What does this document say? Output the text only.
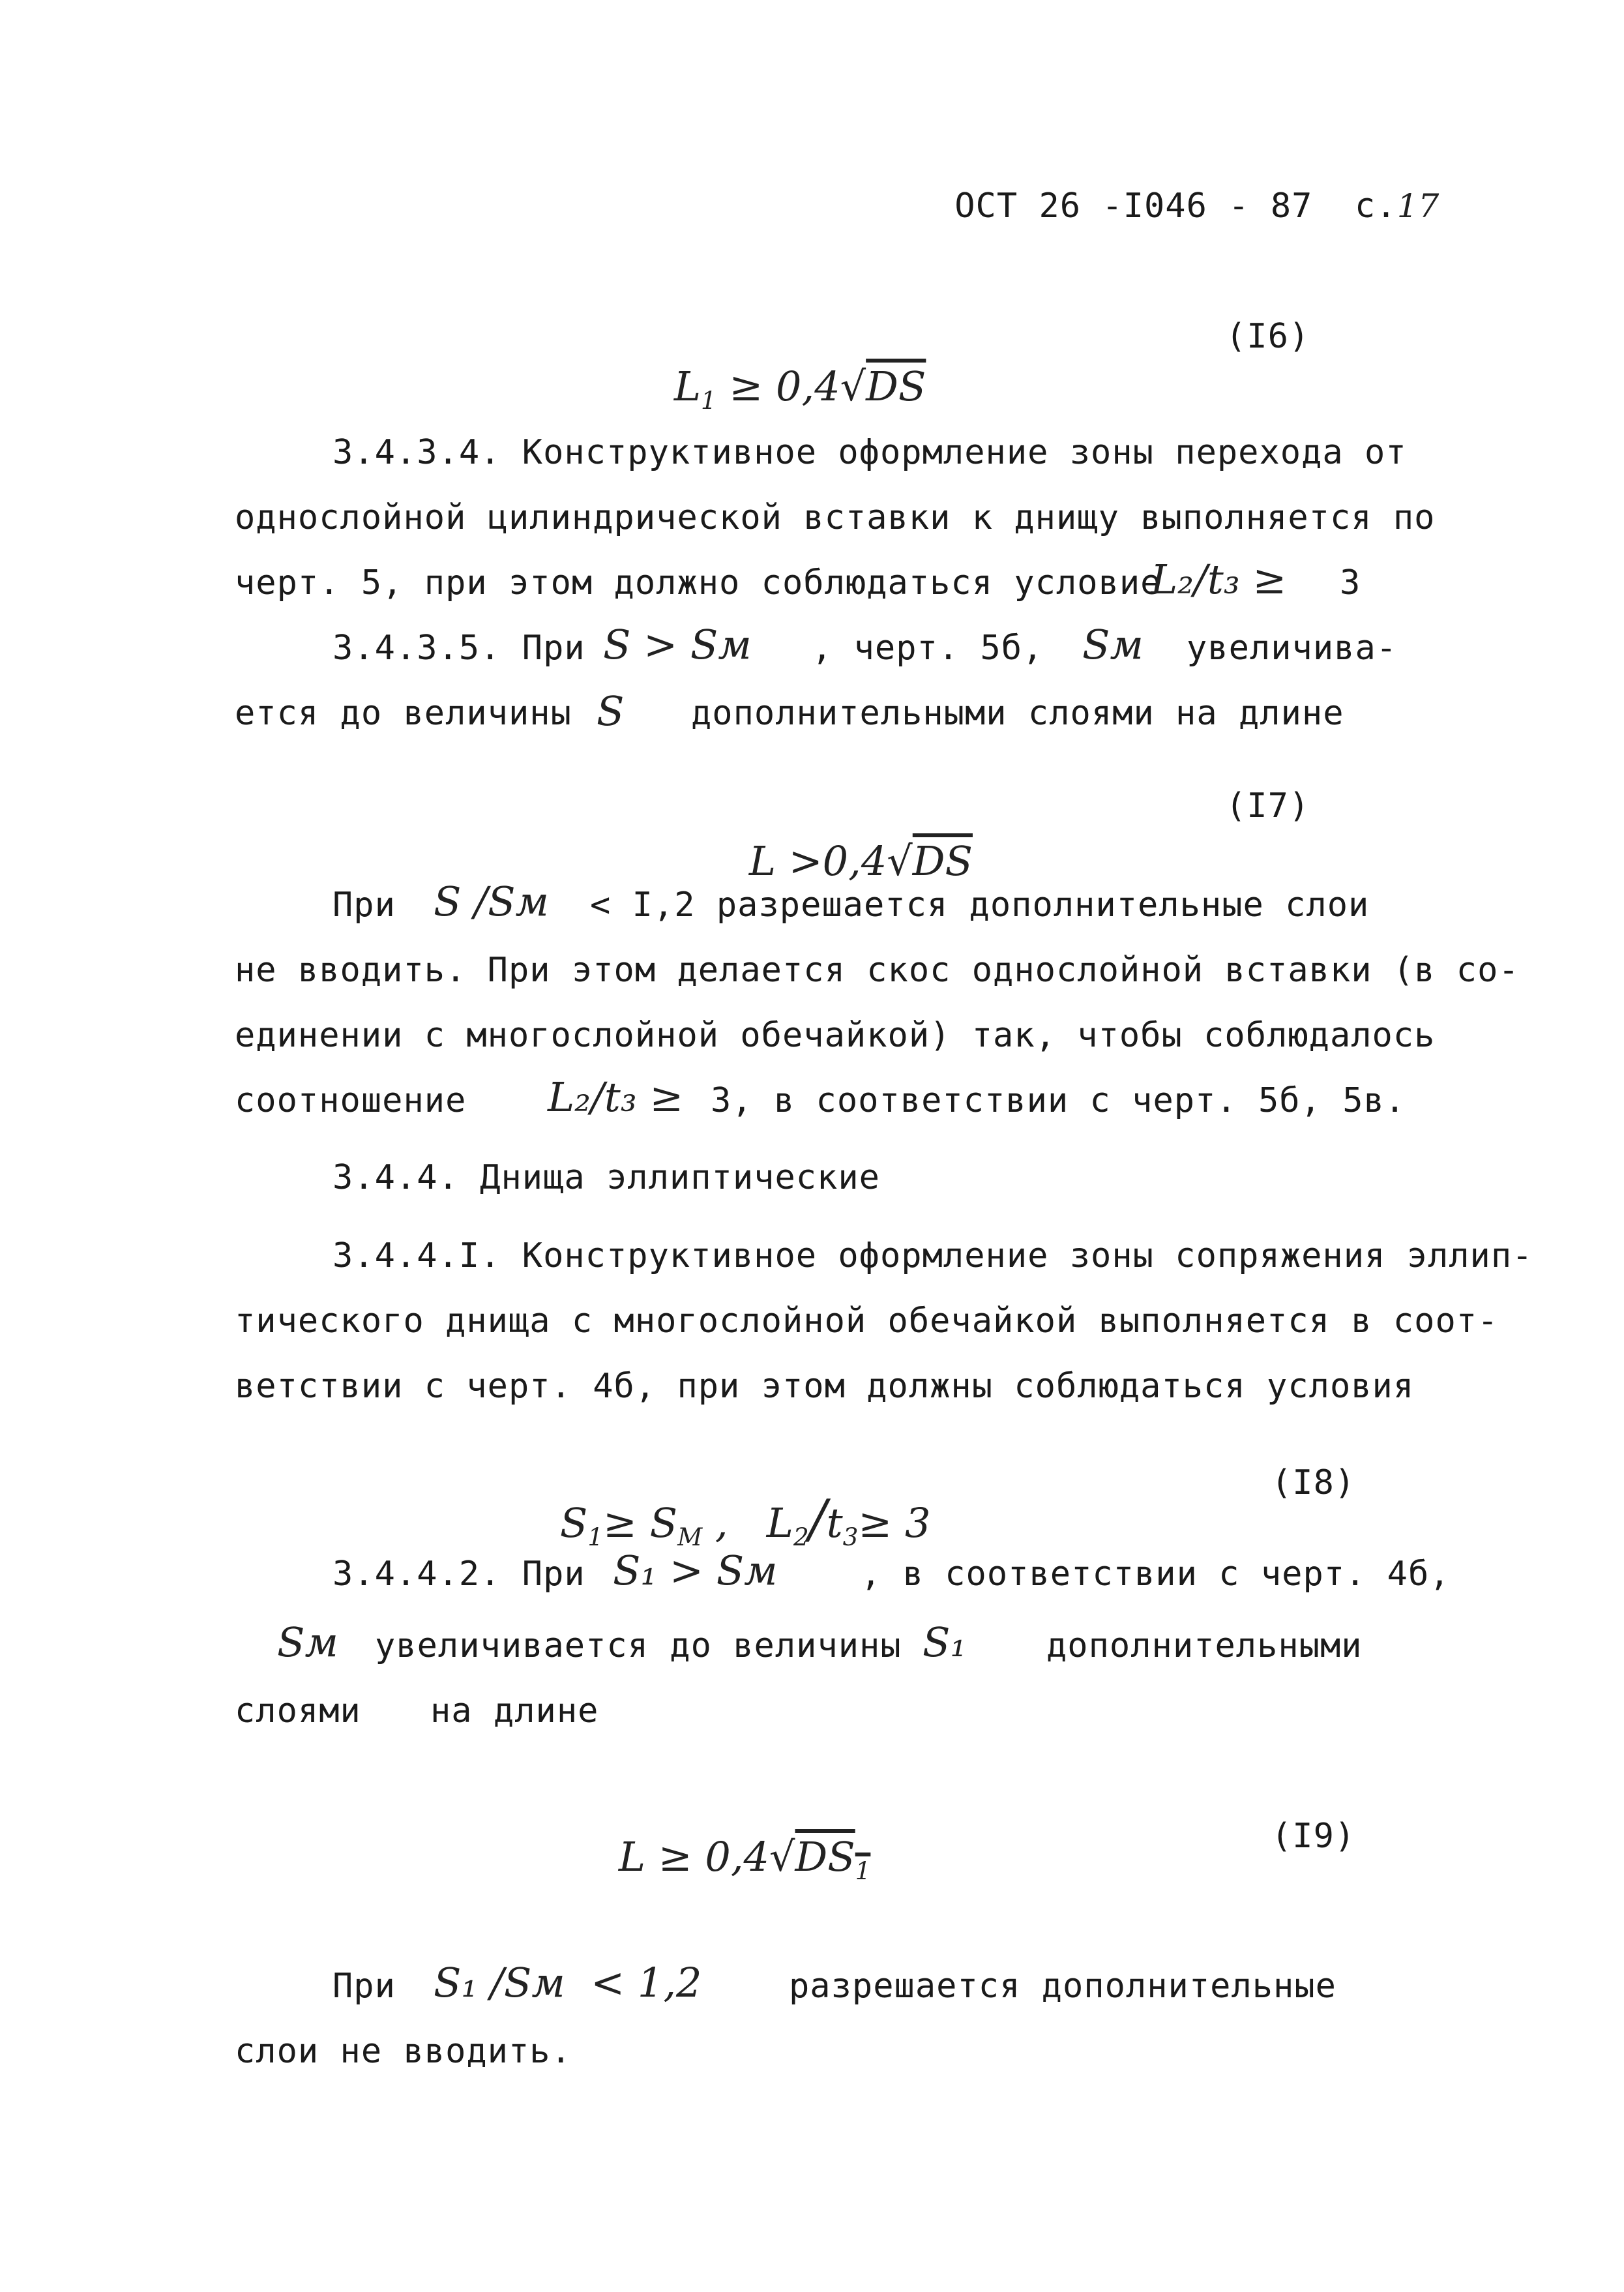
ОСТ 26 -I046 - 87  с.17

$L_1 \ge 0,4√DS$

(I6)
3.4.3.4. Конструктивное оформление зоны перехода от
однослойной цилиндрической вставки к днищу выполняется по
черт. 5, при этом должно соблюдаться условие
L₂/t₃ ≥ 3
3.4.3.5. При S > Sм , черт. 5б, Sм увеличива-
ется до величины S дополнительными слоями на длине

L >0,4√DS

(I7)
При S /Sм < I,2 разрешается дополнительные слои
не вводить. При этом делается скос однослойной вставки (в со-
единении с многослойной обечайкой) так, чтобы соблюдалось
соотношение L₂/t₃ ≥ 3, в соответствии с черт. 5б, 5в.
3.4.4. Днища эллиптические
3.4.4.I. Конструктивное оформление зоны сопряжения эллип-
тического днища с многослойной обечайкой выполняется в соот-
ветствии с черт. 4б, при этом должны соблюдаться условия

$S_1\ge S_M$ ,   $L_2/t_3\ge 3$

(I8)
3.4.4.2. При S₁ > Sм , в соответствии с черт. 4б,
Sм увеличивается до величины S₁ дополнительными
слоями на длине

$L \ge 0,4√DS_1$

(I9)
При S₁ /Sм  < 1,2	разрешается дополнительные
слои не вводить.
